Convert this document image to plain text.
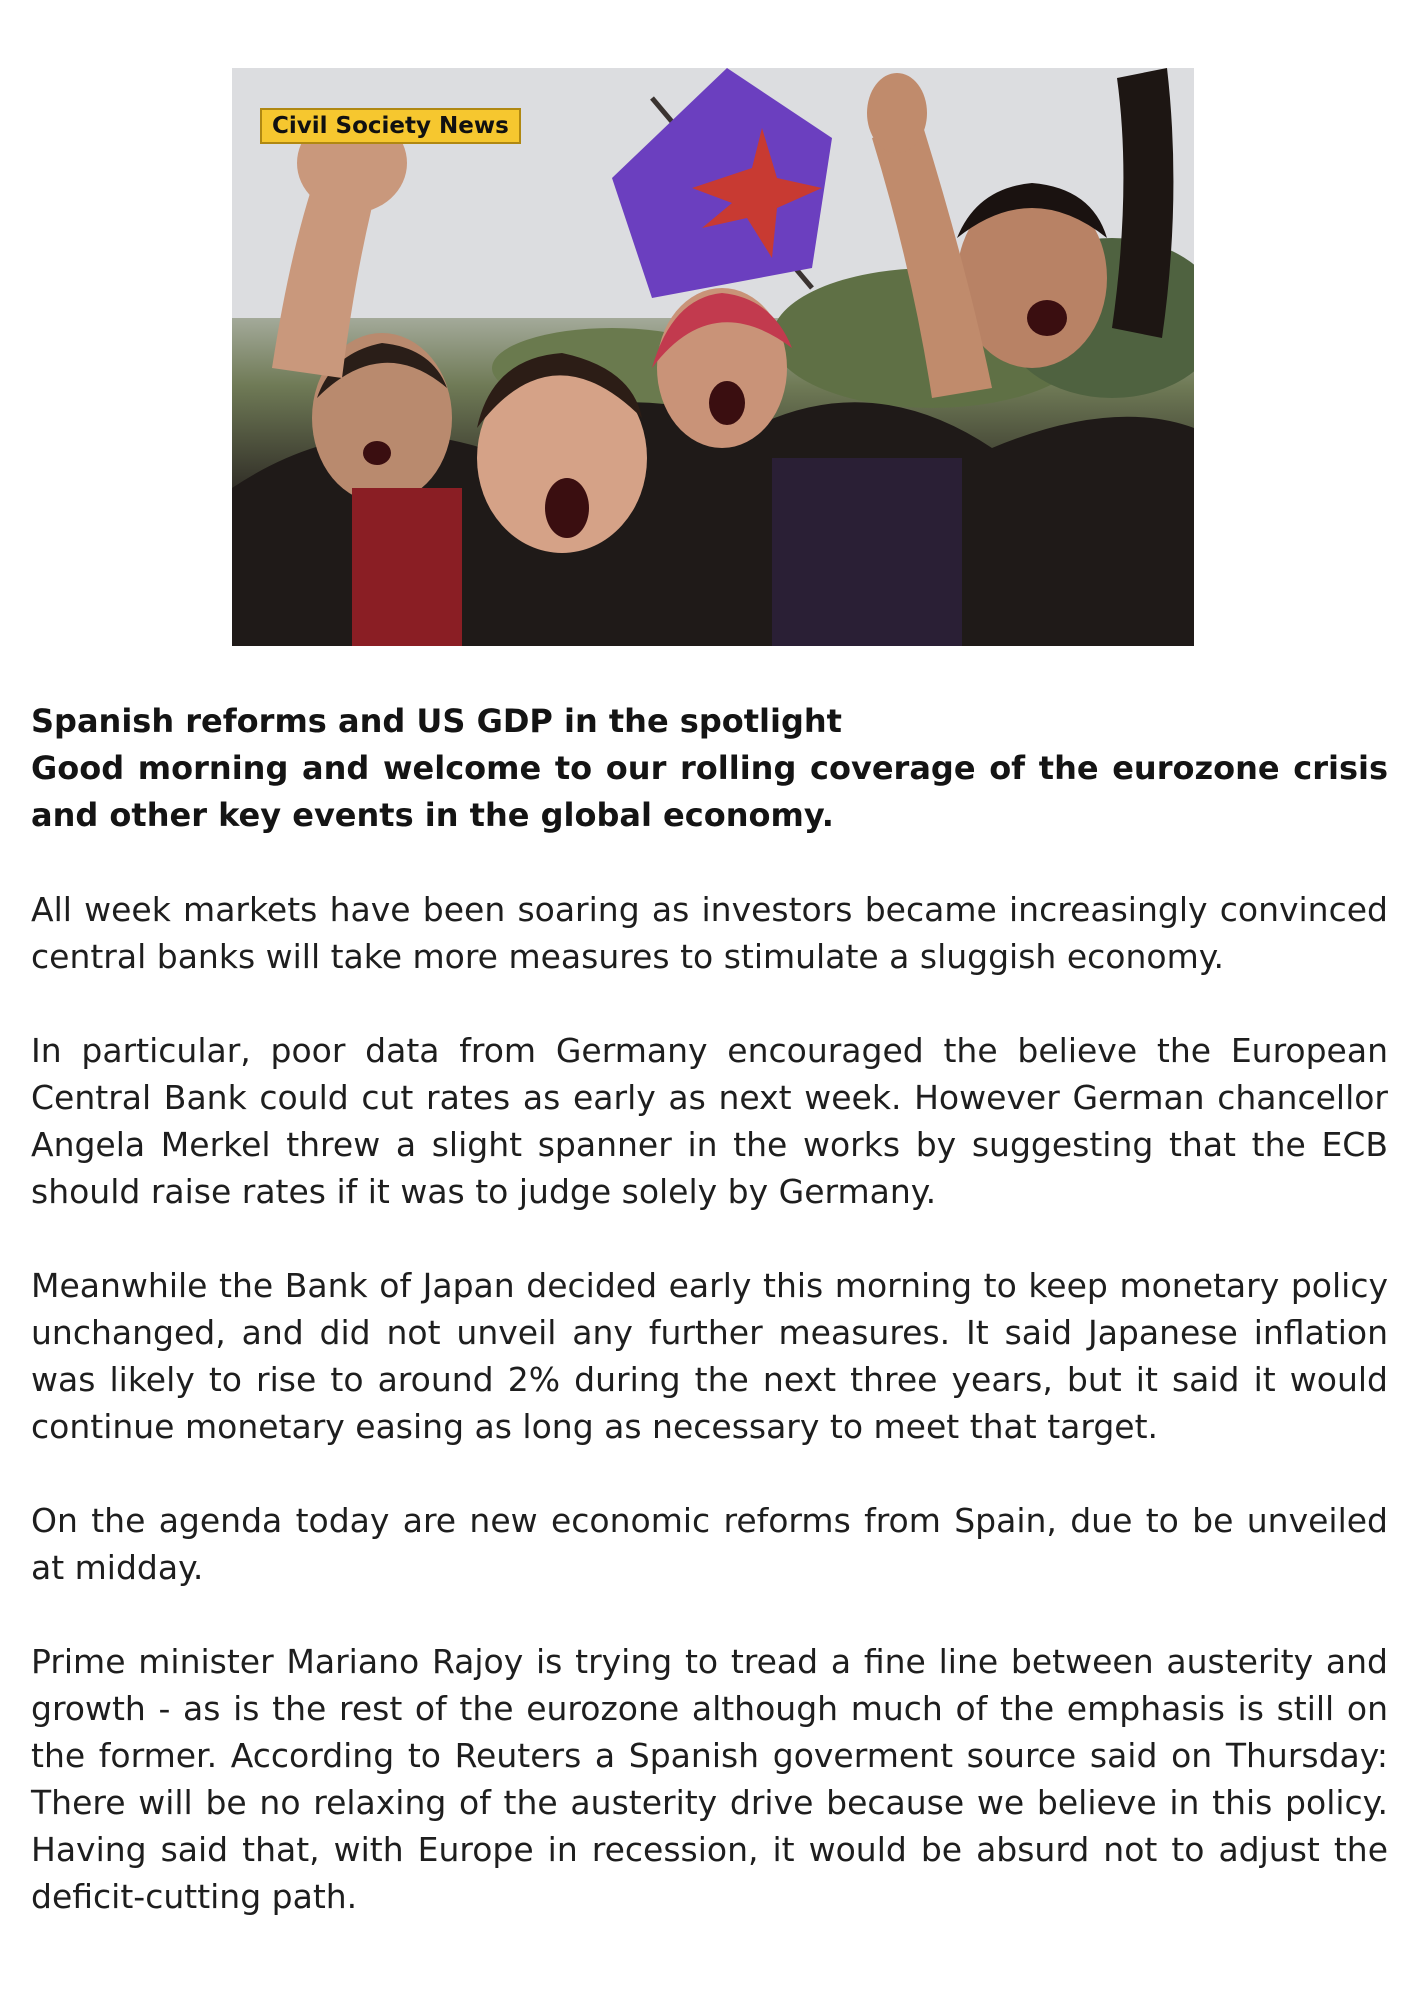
Civil Society News

Spanish reforms and US GDP in the spotlight

Good morning and welcome to our rolling coverage of the eurozone crisis and other key events in the global economy.

All week markets have been soaring as investors became increasingly convinced central banks will take more measures to stimulate a sluggish economy.

In particular, poor data from Germany encouraged the believe the European Central Bank could cut rates as early as next week. However German chancellor Angela Merkel threw a slight spanner in the works by suggesting that the ECB should raise rates if it was to judge solely by Germany.

Meanwhile the Bank of Japan decided early this morning to keep monetary policy unchanged, and did not unveil any further measures. It said Japanese inflation was likely to rise to around 2% during the next three years, but it said it would continue monetary easing as long as necessary to meet that target.

On the agenda today are new economic reforms from Spain, due to be unveiled at midday.

Prime minister Mariano Rajoy is trying to tread a fine line between austerity and growth - as is the rest of the eurozone although much of the emphasis is still on the former. According to Reuters a Spanish goverment source said on Thursday: There will be no relaxing of the austerity drive because we believe in this policy. Having said that, with Europe in recession, it would be absurd not to adjust the deficit-cutting path.
